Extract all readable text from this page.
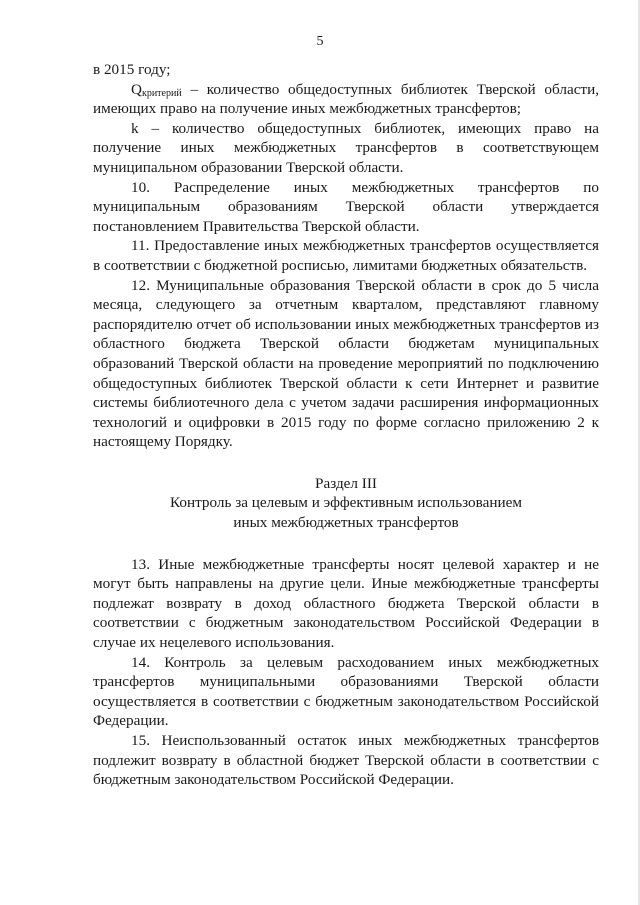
5

в 2015 году;

$Q_{критерий}$ – количество общедоступных библиотек Тверской области, имеющих право на получение иных межбюджетных трансфертов;

k – количество общедоступных библиотек, имеющих право на получение иных межбюджетных трансфертов в соответствующем муниципальном образовании Тверской области.

10. Распределение иных межбюджетных трансфертов по муниципальным образованиям Тверской области утверждается постановлением Правительства Тверской области.

11. Предоставление иных межбюджетных трансфертов осуществляется в соответствии с бюджетной росписью, лимитами бюджетных обязательств.

12. Муниципальные образования Тверской области в срок до 5 числа месяца, следующего за отчетным кварталом, представляют главному распорядителю отчет об использовании иных межбюджетных трансфертов из областного бюджета Тверской области бюджетам муниципальных образований Тверской области на проведение мероприятий по подключению общедоступных библиотек Тверской области к сети Интернет и развитие системы библиотечного дела с учетом задачи расширения информационных технологий и оцифровки в 2015 году по форме согласно приложению 2 к настоящему Порядку.

Раздел III

Контроль за целевым и эффективным использованием

иных межбюджетных трансфертов

13. Иные межбюджетные трансферты носят целевой характер и не могут быть направлены на другие цели. Иные межбюджетные трансферты подлежат возврату в доход областного бюджета Тверской области в соответствии с бюджетным законодательством Российской Федерации в случае их нецелевого использования.

14. Контроль за целевым расходованием иных межбюджетных трансфертов муниципальными образованиями Тверской области осуществляется в соответствии с бюджетным законодательством Российской Федерации.

15. Неиспользованный остаток иных межбюджетных трансфертов подлежит возврату в областной бюджет Тверской области в соответствии с бюджетным законодательством Российской Федерации.
